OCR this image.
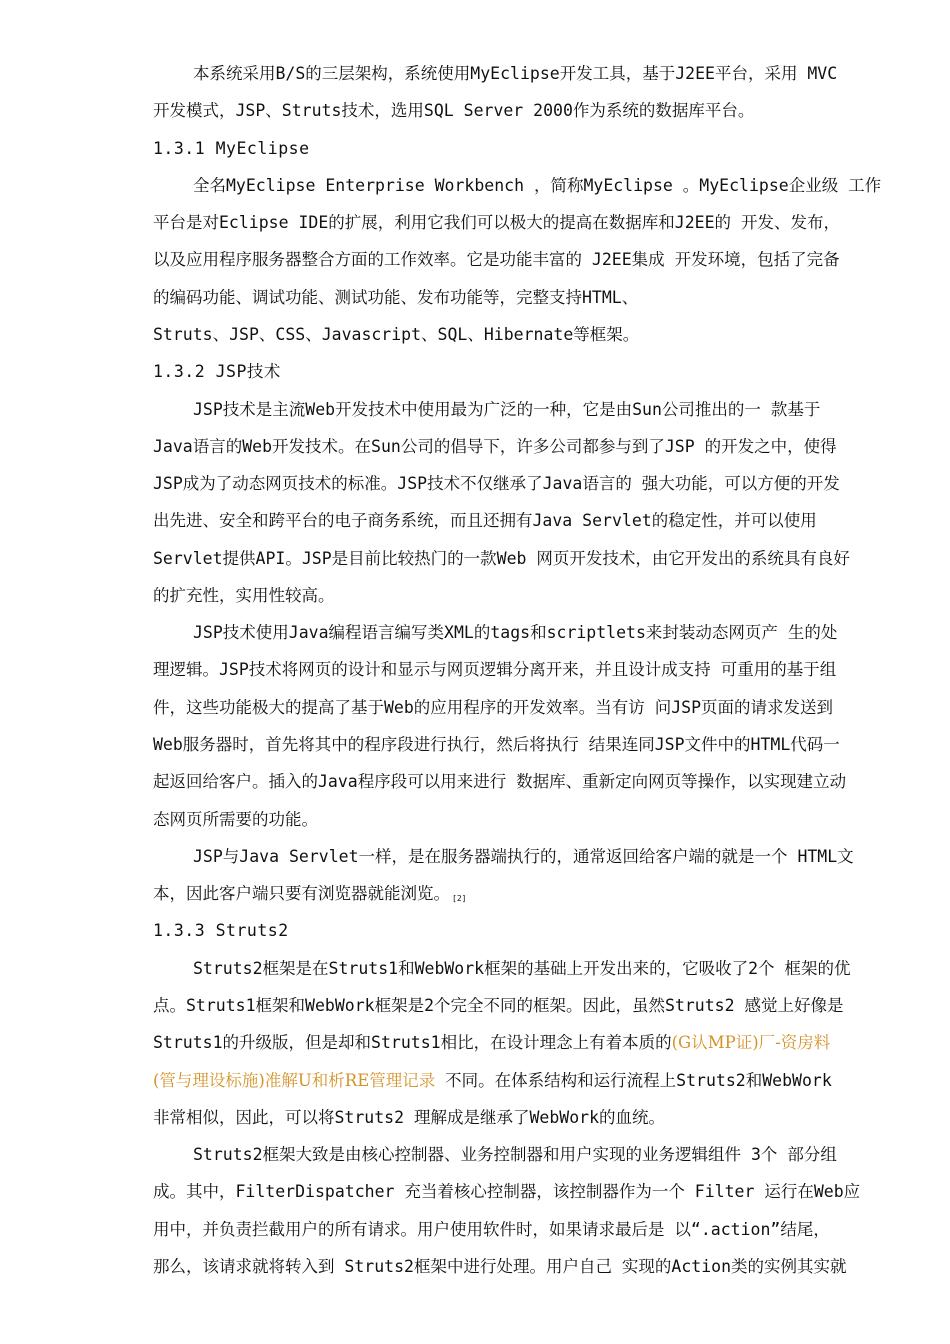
本系统采用B/S的三层架构，系统使用MyEclipse开发工具，基于J2EE平台，采用 MVC
开发模式，JSP、Struts技术，选用SQL Server 2000作为系统的数据库平台。
1.3.1 MyEclipse
全名MyEclipse Enterprise Workbench ，简称MyEclipse 。MyEclipse企业级 工作
平台是对Eclipse IDE的扩展，利用它我们可以极大的提高在数据库和J2EE的 开发、发布，
以及应用程序服务器整合方面的工作效率。它是功能丰富的 J2EE集成 开发环境，包括了完备
的编码功能、调试功能、测试功能、发布功能等，完整支持HTML、
Struts、JSP、CSS、Javascript、SQL、Hibernate等框架。
1.3.2 JSP技术
JSP技术是主流Web开发技术中使用最为广泛的一种，它是由Sun公司推出的一 款基于
Java语言的Web开发技术。在Sun公司的倡导下，许多公司都参与到了JSP 的开发之中，使得
JSP成为了动态网页技术的标准。JSP技术不仅继承了Java语言的 强大功能，可以方便的开发
出先进、安全和跨平台的电子商务系统，而且还拥有Java Servlet的稳定性，并可以使用
Servlet提供API。JSP是目前比较热门的一款Web 网页开发技术，由它开发出的系统具有良好
的扩充性，实用性较高。
JSP技术使用Java编程语言编写类XML的tags和scriptlets来封装动态网页产 生的处
理逻辑。JSP技术将网页的设计和显示与网页逻辑分离开来，并且设计成支持 可重用的基于组
件，这些功能极大的提高了基于Web的应用程序的开发效率。当有访 问JSP页面的请求发送到
Web服务器时，首先将其中的程序段进行执行，然后将执行 结果连同JSP文件中的HTML代码一
起返回给客户。插入的Java程序段可以用来进行 数据库、重新定向网页等操作，以实现建立动
态网页所需要的功能。
JSP与Java Servlet一样，是在服务器端执行的，通常返回给客户端的就是一个 HTML文
本，因此客户端只要有浏览器就能浏览。 [2]
1.3.3 Struts2
Struts2框架是在Struts1和WebWork框架的基础上开发出来的，它吸收了2个 框架的优
点。Struts1框架和WebWork框架是2个完全不同的框架。因此，虽然Struts2 感觉上好像是
Struts1的升级版，但是却和Struts1相比，在设计理念上有着本质的(G认MP证)厂-资房料
(管与理设标施)准解U和析RE管理记录 不同。在体系结构和运行流程上Struts2和WebWork
非常相似，因此，可以将Struts2 理解成是继承了WebWork的血统。
Struts2框架大致是由核心控制器、业务控制器和用户实现的业务逻辑组件 3个 部分组
成。其中，FilterDispatcher 充当着核心控制器，该控制器作为一个 Filter 运行在Web应
用中，并负责拦截用户的所有请求。用户使用软件时，如果请求最后是 以“.action”结尾，
那么，该请求就将转入到 Struts2框架中进行处理。用户自己 实现的Action类的实例其实就
